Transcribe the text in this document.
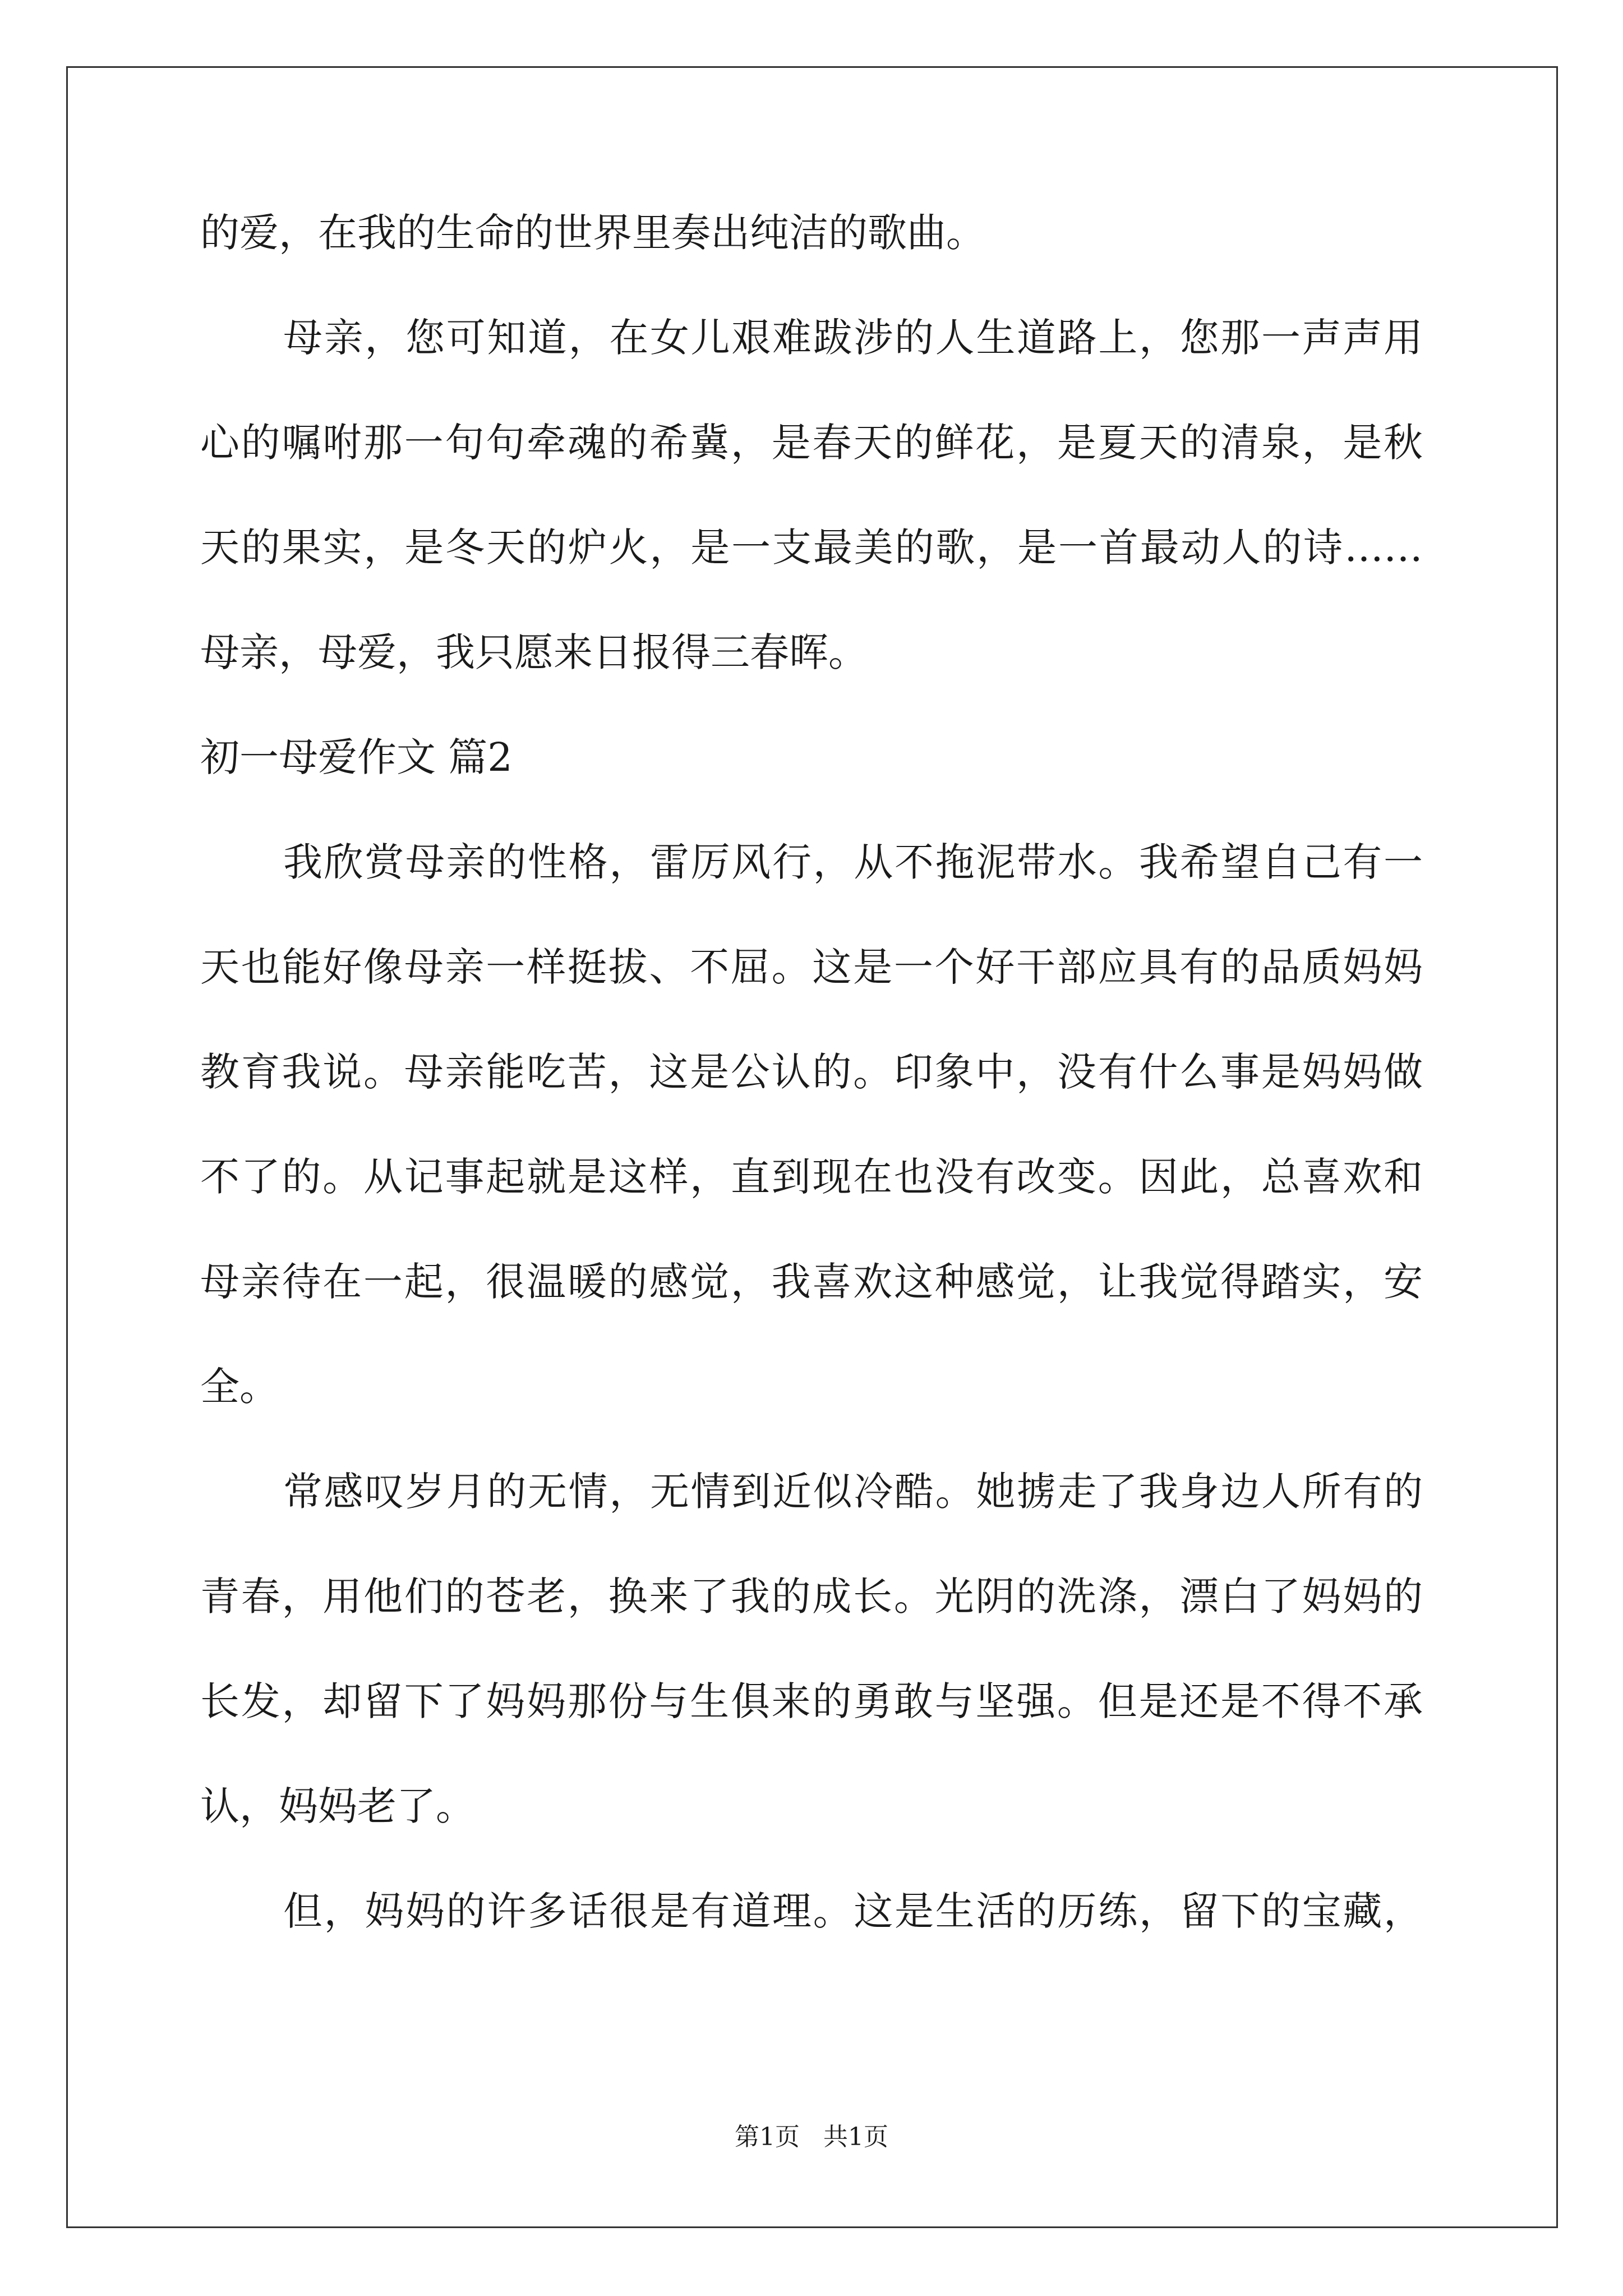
的爱，在我的生命的世界里奏出纯洁的歌曲。
母亲，您可知道，在女儿艰难跋涉的人生道路上，您那一声声用
心的嘱咐那一句句牵魂的希冀，是春天的鲜花，是夏天的清泉，是秋
天的果实，是冬天的炉火，是一支最美的歌，是一首最动人的诗……
母亲，母爱，我只愿来日报得三春晖。
初一母爱作文 篇2
我欣赏母亲的性格，雷厉风行，从不拖泥带水。我希望自己有一
天也能好像母亲一样挺拔、不屈。这是一个好干部应具有的品质妈妈
教育我说。母亲能吃苦，这是公认的。印象中，没有什么事是妈妈做
不了的。从记事起就是这样，直到现在也没有改变。因此，总喜欢和
母亲待在一起，很温暖的感觉，我喜欢这种感觉，让我觉得踏实，安
全。
常感叹岁月的无情，无情到近似冷酷。她掳走了我身边人所有的
青春，用他们的苍老，换来了我的成长。光阴的洗涤，漂白了妈妈的
长发，却留下了妈妈那份与生俱来的勇敢与坚强。但是还是不得不承
认，妈妈老了。
但，妈妈的许多话很是有道理。这是生活的历练，留下的宝藏，
第1页   共1页
